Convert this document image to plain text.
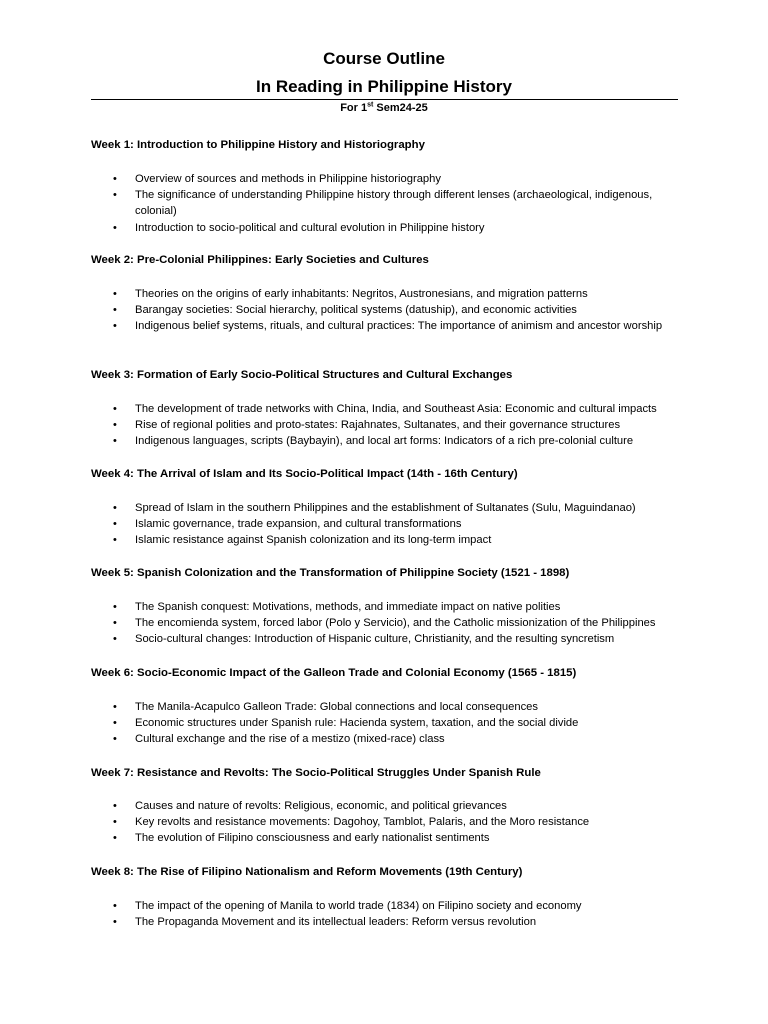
Course Outline
In Reading in Philippine History
For 1st Sem24-25
Week 1: Introduction to Philippine History and Historiography
• Overview of sources and methods in Philippine historiography
• The significance of understanding Philippine history through different lenses (archaeological, indigenous, colonial)
• Introduction to socio-political and cultural evolution in Philippine history
Week 2: Pre-Colonial Philippines: Early Societies and Cultures
• Theories on the origins of early inhabitants: Negritos, Austronesians, and migration patterns
• Barangay societies: Social hierarchy, political systems (datuship), and economic activities
• Indigenous belief systems, rituals, and cultural practices: The importance of animism and ancestor worship
Week 3: Formation of Early Socio-Political Structures and Cultural Exchanges
• The development of trade networks with China, India, and Southeast Asia: Economic and cultural impacts
• Rise of regional polities and proto-states: Rajahnates, Sultanates, and their governance structures
• Indigenous languages, scripts (Baybayin), and local art forms: Indicators of a rich pre-colonial culture
Week 4: The Arrival of Islam and Its Socio-Political Impact (14th - 16th Century)
• Spread of Islam in the southern Philippines and the establishment of Sultanates (Sulu, Maguindanao)
• Islamic governance, trade expansion, and cultural transformations
• Islamic resistance against Spanish colonization and its long-term impact
Week 5: Spanish Colonization and the Transformation of Philippine Society (1521 - 1898)
• The Spanish conquest: Motivations, methods, and immediate impact on native polities
• The encomienda system, forced labor (Polo y Servicio), and the Catholic missionization of the Philippines
• Socio-cultural changes: Introduction of Hispanic culture, Christianity, and the resulting syncretism
Week 6: Socio-Economic Impact of the Galleon Trade and Colonial Economy (1565 - 1815)
• The Manila-Acapulco Galleon Trade: Global connections and local consequences
• Economic structures under Spanish rule: Hacienda system, taxation, and the social divide
• Cultural exchange and the rise of a mestizo (mixed-race) class
Week 7: Resistance and Revolts: The Socio-Political Struggles Under Spanish Rule
• Causes and nature of revolts: Religious, economic, and political grievances
• Key revolts and resistance movements: Dagohoy, Tamblot, Palaris, and the Moro resistance
• The evolution of Filipino consciousness and early nationalist sentiments
Week 8: The Rise of Filipino Nationalism and Reform Movements (19th Century)
• The impact of the opening of Manila to world trade (1834) on Filipino society and economy
• The Propaganda Movement and its intellectual leaders: Reform versus revolution
